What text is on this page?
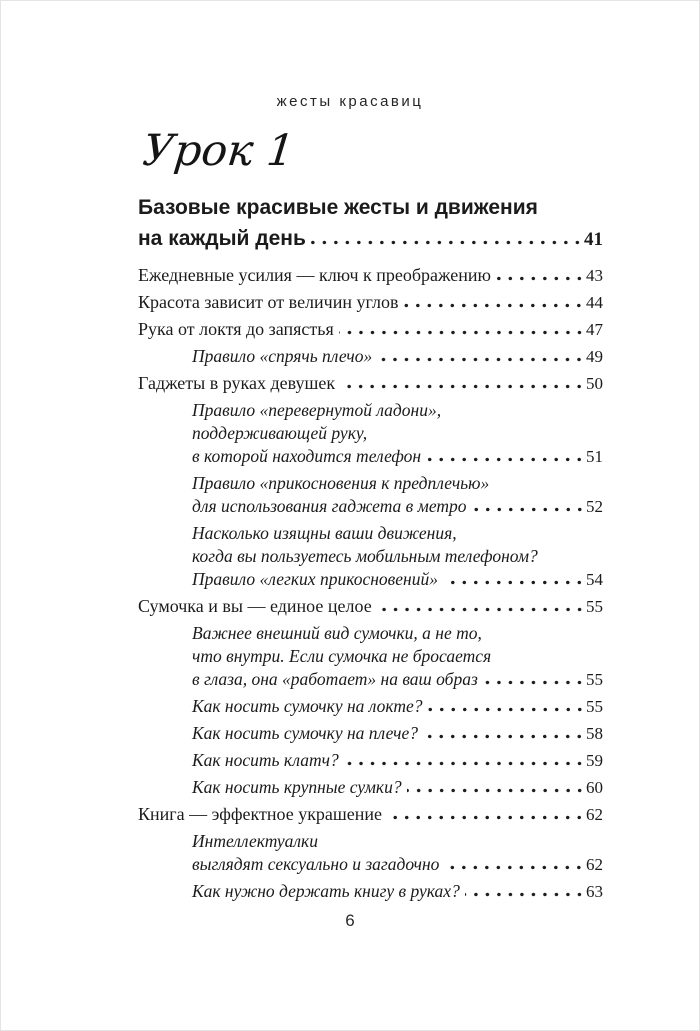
жесты красавиц
Урок 1
Базовые красивые жесты и движения
на каждый день	41
Ежедневные усилия — ключ к преображению	43
Красота зависит от величин углов	44
Рука от локтя до запястья	47
Правило «спрячь плечо»	49
Гаджеты в руках девушек	50
Правило «перевернутой ладони»,
поддерживающей руку,
в которой находится телефон	51
Правило «прикосновения к предплечью»
для использования гаджета в метро	52
Насколько изящны ваши движения,
когда вы пользуетесь мобильным телефоном?
Правило «легких прикосновений»	54
Сумочка и вы — единое целое	55
Важнее внешний вид сумочки, а не то,
что внутри. Если сумочка не бросается
в глаза, она «работает» на ваш образ	55
Как носить сумочку на локте?	55
Как носить сумочку на плече?	58
Как носить клатч?	59
Как носить крупные сумки?	60
Книга — эффектное украшение	62
Интеллектуалки
выглядят сексуально и загадочно	62
Как нужно держать книгу в руках?	63
6
